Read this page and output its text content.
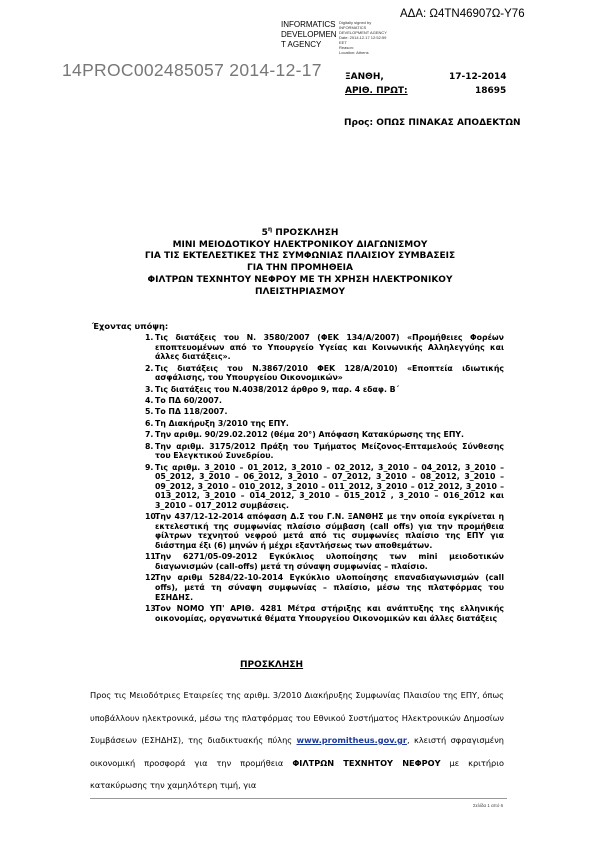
ΑΔΑ: Ω4ΤΝ46907Ω-Υ76
INFORMATICS
DEVELOPMEN
T AGENCY
Digitally signed by
INFORMATICS
DEVELOPMENT AGENCY
Date: 2014.12.17 12:52:59
EET
Reason:
Location: Athens
14PROC002485057 2014-12-17	ΞΑΝΘΗ,	17-12-2014
ΑΡΙΘ. ΠΡΩΤ:	18695
Προς: ΟΠΩΣ ΠΙΝΑΚΑΣ ΑΠΟΔΕΚΤΩΝ
$5^\eta$ ΠΡΟΣΚΛΗΣΗ
ΜΙΝΙ ΜΕΙΟΔΟΤΙΚΟΥ ΗΛΕΚΤΡΟΝΙΚΟΥ ΔΙΑΓΩΝΙΣΜΟΥ
ΓΙΑ ΤΙΣ ΕΚΤΕΛΕΣΤΙΚΕΣ ΤΗΣ ΣΥΜΦΩΝΙΑΣ ΠΛΑΙΣΙΟΥ ΣΥΜΒΑΣΕΙΣ
ΓΙΑ ΤΗΝ ΠΡΟΜΗΘΕΙΑ
ΦΙΛΤΡΩΝ ΤΕΧΝΗΤΟΥ ΝΕΦΡΟΥ ΜΕ ΤΗ ΧΡΗΣΗ ΗΛΕΚΤΡΟΝΙΚΟΥ
ΠΛΕΙΣΤΗΡΙΑΣΜΟΥ
Έχοντας υπόψη:
1. Τις διατάξεις του Ν. 3580/2007 (ΦΕΚ 134/Α/2007) «Προμήθειες Φορέων εποπτευομένων από το Υπουργείο Υγείας και Κοινωνικής Αλληλεγγύης και άλλες διατάξεις».
2. Τις διατάξεις του Ν.3867/2010 ΦΕΚ 128/Α/2010) «Εποπτεία ιδιωτικής ασφάλισης, του Υπουργείου Οικονομικών»
3. Τις διατάξεις του Ν.4038/2012 άρθρο 9, παρ. 4 εδαφ. Β΄
4. Το ΠΔ 60/2007.
5. Το ΠΔ 118/2007.
6. Τη Διακήρυξη 3/2010 της ΕΠΥ.
7. Την αριθμ. 90/29.02.2012 (θέμα 20°) Απόφαση Κατακύρωσης της ΕΠΥ.
8. Την αριθμ. 3175/2012 Πράξη του Τμήματος Μείζονος-Επταμελούς Σύνθεσης του Ελεγκτικού Συνεδρίου.
9. Τις αριθμ. 3_2010 – 01_2012, 3_2010 – 02_2012, 3_2010 – 04_2012, 3_2010 – 05_2012, 3_2010 – 06_2012, 3_2010 – 07_2012, 3_2010 – 08_2012, 3_2010 – 09_2012, 3_2010 – 010_2012, 3_2010 – 011_2012, 3_2010 – 012_2012, 3_2010 – 013_2012, 3_2010 – 014_2012, 3_2010 – 015_2012 , 3_2010 – 016_2012 και 3_2010 – 017_2012 συμβάσεις.
10.
Την 437/12-12-2014 απόφαση Δ.Σ του Γ.Ν. ΞΑΝΘΗΣ με την οποία εγκρίνεται η εκτελεστική της συμφωνίας πλαίσιο σύμβαση (call offs) για την προμήθεια φίλτρων τεχνητού νεφρού μετά από τις συμφωνίες πλαίσιο της ΕΠΥ για διάστημα έξι (6) μηνών ή μέχρι εξαντλήσεως των αποθεμάτων.
11.
Την 6271/05-09-2012 Εγκύκλιος υλοποίησης των mini μειοδοτικών διαγωνισμών (call-offs) μετά τη σύναψη συμφωνίας – πλαίσιο.
12.
Την αριθμ 5284/22-10-2014 Εγκύκλιο υλοποίησης επαναδιαγωνισμών (call offs), μετά τη σύναψη συμφωνίας – πλαίσιο, μέσω της πλατφόρμας του ΕΣΗΔΗΣ.
13.
Τον ΝΟΜΟ ΥΠ' ΑΡΙΘ. 4281 Μέτρα στήριξης και ανάπτυξης της ελληνικής οικονομίας, οργανωτικά θέματα Υπουργείου Οικονομικών και άλλες διατάξεις
ΠΡΟΣΚΛΗΣΗ
Προς τις Μειοδότριες Εταιρείες της αριθμ. 3/2010 Διακήρυξης Συμφωνίας Πλαισίου της ΕΠΥ, όπως υποβάλλουν ηλεκτρονικά, μέσω της πλατφόρμας του Εθνικού Συστήματος Ηλεκτρονικών Δημοσίων Συμβάσεων (ΕΣΗΔΗΣ), της διαδικτυακής πύλης www.promitheus.gov.gr, κλειστή σφραγισμένη οικονομική προσφορά για την προμήθεια ΦΙΛΤΡΩΝ ΤΕΧΝΗΤΟΥ ΝΕΦΡΟΥ με κριτήριο κατακύρωσης την χαμηλότερη τιμή, για
Σελίδα 1 από 6
